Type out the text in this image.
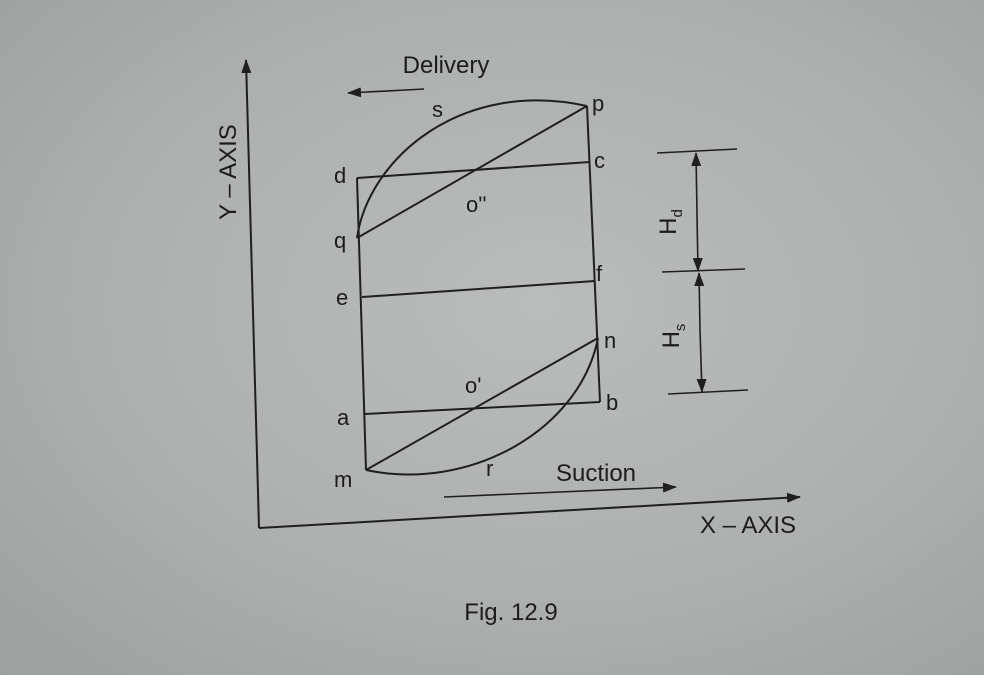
Y – AXIS
X – AXIS
Delivery
Suction
p
s
c
d
o''
q
e
f
n
o'
b
a
m	r
$H_d$
$H_s$
Fig. 12.9
